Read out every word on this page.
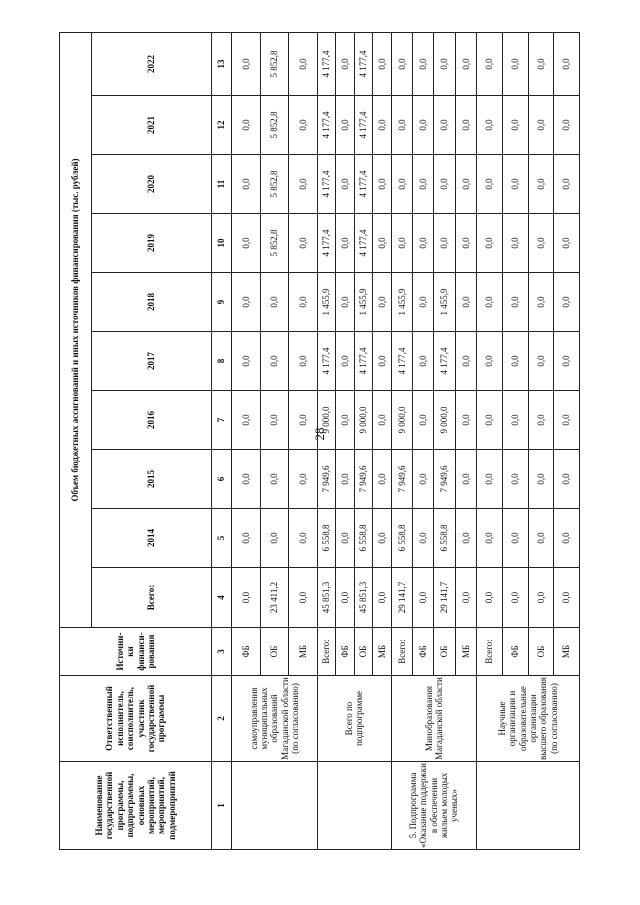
28
Наименование государственной программы, подпрограммы, основных мероприятий, мероприятий, подмероприятий	Ответственный исполнитель, соисполнитель, участник государственной программы	Источни-ки финанси-рования	Объем бюджетных ассигнований и иных источников финансирования (тыс. рублей)									
			Всего:	2014	2015	2016	2017	2018	2019	2020	2021	2022
1	2	3	4	5	6	7	8	9	10	11	12	13
	самоуправления муниципальных образований Магаданской области (по согласованию)	ФБ	0,0	0,0	0,0	0,0	0,0	0,0	0,0	0,0	0,0	0,0
		ОБ	23 411,2	0,0	0,0	0,0	0,0	0,0	5 852,8	5 852,8	5 852,8	5 852,8
		МБ	0,0	0,0	0,0	0,0	0,0	0,0	0,0	0,0	0,0	0,0
	Всего по подпрограмме	Всего:	45 851,3	6 558,8	7 949,6	9 000,0	4 177,4	1 455,9	4 177,4	4 177,4	4 177,4	4 177,4
		ФБ	0,0	0,0	0,0	0,0	0,0	0,0	0,0	0,0	0,0	0,0
		ОБ	45 851,3	6 558,8	7 949,6	9 000,0	4 177,4	1 455,9	4 177,4	4 177,4	4 177,4	4 177,4
		МБ	0,0	0,0	0,0	0,0	0,0	0,0	0,0	0,0	0,0	0,0
5. Подпрограмма «Оказание поддержки в обеспечении жильем молодых ученых»	Минобразования Магаданской области	Всего:	29 141,7	6 558,8	7 949,6	9 000,0	4 177,4	1 455,9	0,0	0,0	0,0	0,0
		ФБ	0,0	0,0	0,0	0,0	0,0	0,0	0,0	0,0	0,0	0,0
		ОБ	29 141,7	6 558,8	7 949,6	9 000,0	4 177,4	1 455,9	0,0	0,0	0,0	0,0
		МБ	0,0	0,0	0,0	0,0	0,0	0,0	0,0	0,0	0,0	0,0
	Научные организации и образовательные организации высшего образования (по согласованию)	Всего:	0,0	0,0	0,0	0,0	0,0	0,0	0,0	0,0	0,0	0,0
		ФБ	0,0	0,0	0,0	0,0	0,0	0,0	0,0	0,0	0,0	0,0
		ОБ	0,0	0,0	0,0	0,0	0,0	0,0	0,0	0,0	0,0	0,0
		МБ	0,0	0,0	0,0	0,0	0,0	0,0	0,0	0,0	0,0	0,0
